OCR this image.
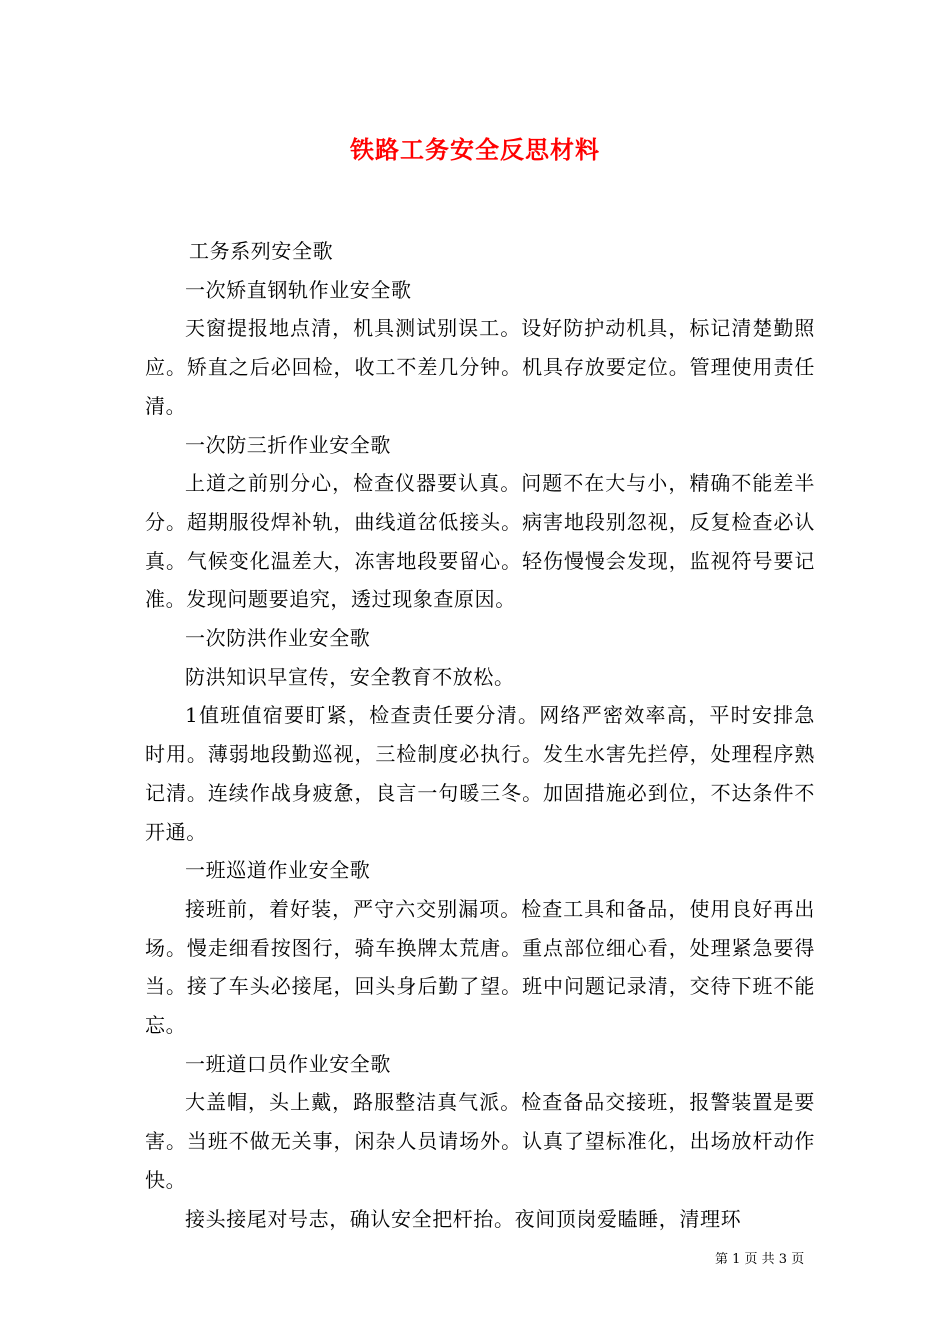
铁路工务安全反思材料

工务系列安全歌

一次矫直钢轨作业安全歌

天窗提报地点清，机具测试别误工。设好防护动机具，标记清楚勤照应。矫直之后必回检，收工不差几分钟。机具存放要定位。管理使用责任清。

一次防三折作业安全歌

上道之前别分心，检查仪器要认真。问题不在大与小，精确不能差半分。超期服役焊补轨，曲线道岔低接头。病害地段别忽视，反复检查必认真。气候变化温差大，冻害地段要留心。轻伤慢慢会发现，监视符号要记准。发现问题要追究，透过现象查原因。

一次防洪作业安全歌

防洪知识早宣传，安全教育不放松。

1值班值宿要盯紧，检查责任要分清。网络严密效率高，平时安排急时用。薄弱地段勤巡视，三检制度必执行。发生水害先拦停，处理程序熟记清。连续作战身疲惫，良言一句暖三冬。加固措施必到位，不达条件不开通。

一班巡道作业安全歌

接班前，着好装，严守六交别漏项。检查工具和备品，使用良好再出场。慢走细看按图行，骑车换牌太荒唐。重点部位细心看，处理紧急要得当。接了车头必接尾，回头身后勤了望。班中问题记录清，交待下班不能忘。

一班道口员作业安全歌

大盖帽，头上戴，路服整洁真气派。检查备品交接班，报警装置是要害。当班不做无关事，闲杂人员请场外。认真了望标准化，出场放杆动作快。

接头接尾对号志，确认安全把杆抬。夜间顶岗爱瞌睡，清理环

第 1 页 共 3 页
